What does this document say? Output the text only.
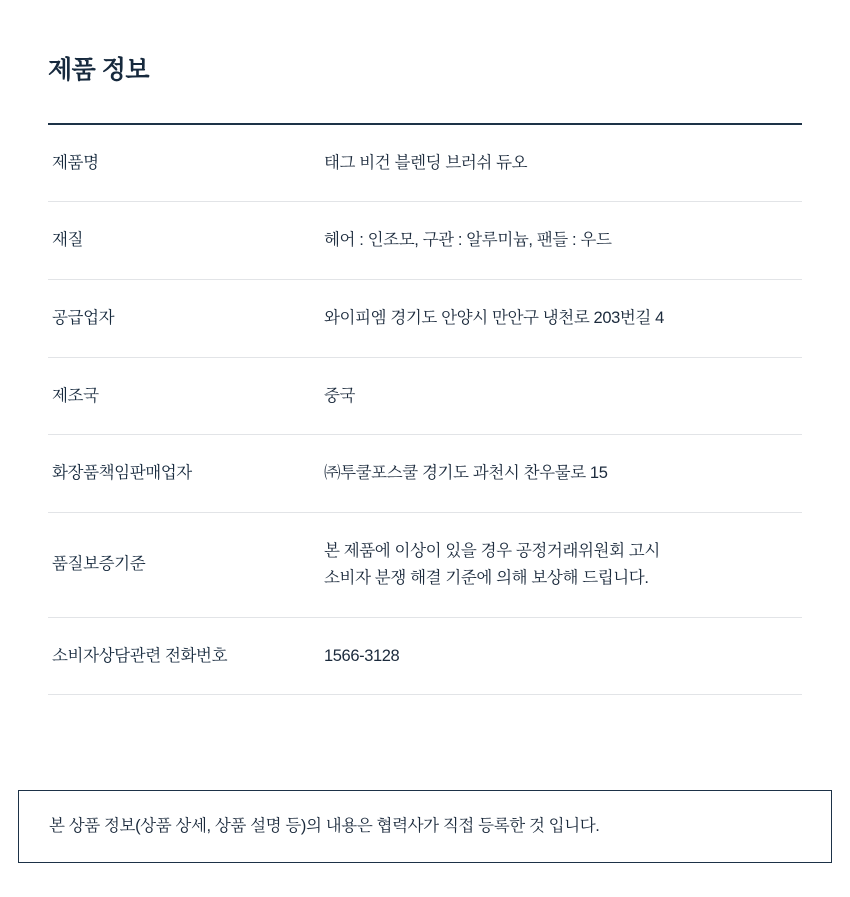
제품 정보
제품명	태그 비건 블렌딩 브러쉬 듀오

재질	헤어 : 인조모, 구관 : 알루미늄, 팬들 : 우드

공급업자	와이피엠 경기도 안양시 만안구 냉천로 203번길 4

제조국	중국

화장품책임판매업자	㈜투쿨포스쿨 경기도 과천시 찬우물로 15

품질보증기준	본 제품에 이상이 있을 경우 공정거래위원회 고시
소비자 분쟁 해결 기준에 의해 보상해 드립니다.

소비자상담관련 전화번호	1566-3128
본 상품 정보(상품 상세, 상품 설명 등)의 내용은 협력사가 직접 등록한 것 입니다.
